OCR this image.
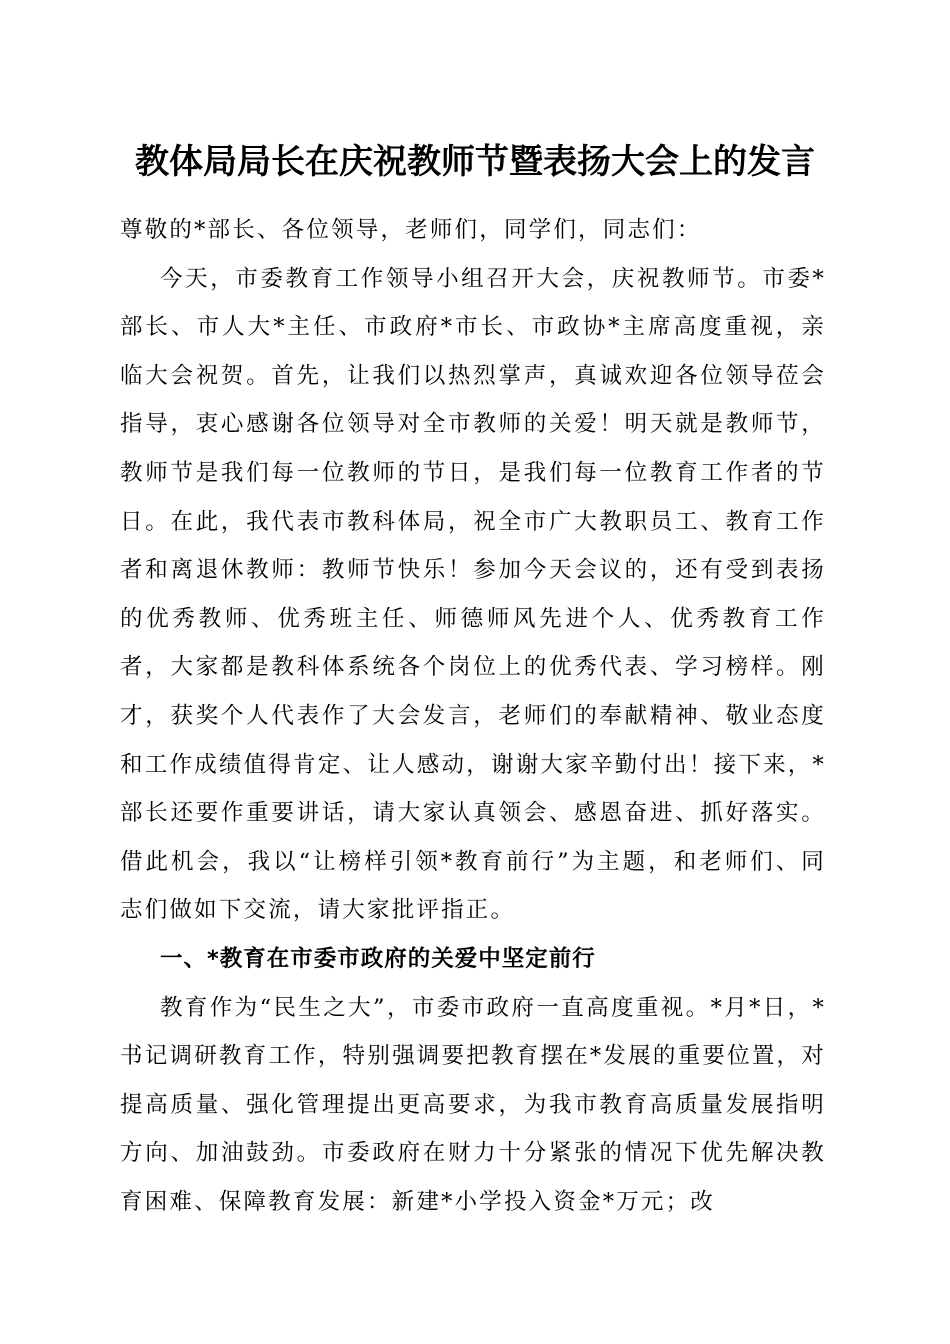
教体局局长在庆祝教师节暨表扬大会上的发言

尊敬的*部长、各位领导，老师们，同学们，同志们：

今天，市委教育工作领导小组召开大会，庆祝教师节。市委*部长、市人大*主任、市政府*市长、市政协*主席高度重视，亲临大会祝贺。首先，让我们以热烈掌声，真诚欢迎各位领导莅会指导，衷心感谢各位领导对全市教师的关爱！明天就是教师节，教师节是我们每一位教师的节日，是我们每一位教育工作者的节日。在此，我代表市教科体局，祝全市广大教职员工、教育工作者和离退休教师：教师节快乐！参加今天会议的，还有受到表扬的优秀教师、优秀班主任、师德师风先进个人、优秀教育工作者，大家都是教科体系统各个岗位上的优秀代表、学习榜样。刚才，获奖个人代表作了大会发言，老师们的奉献精神、敬业态度和工作成绩值得肯定、让人感动，谢谢大家辛勤付出！接下来，*部长还要作重要讲话，请大家认真领会、感恩奋进、抓好落实。借此机会，我以“让榜样引领*教育前行”为主题，和老师们、同志们做如下交流，请大家批评指正。

一、*教育在市委市政府的关爱中坚定前行

教育作为“民生之大”，市委市政府一直高度重视。*月*日，*书记调研教育工作，特别强调要把教育摆在*发展的重要位置，对提高质量、强化管理提出更高要求，为我市教育高质量发展指明方向、加油鼓劲。市委政府在财力十分紧张的情况下优先解决教育困难、保障教育发展：新建*小学投入资金*万元；改
